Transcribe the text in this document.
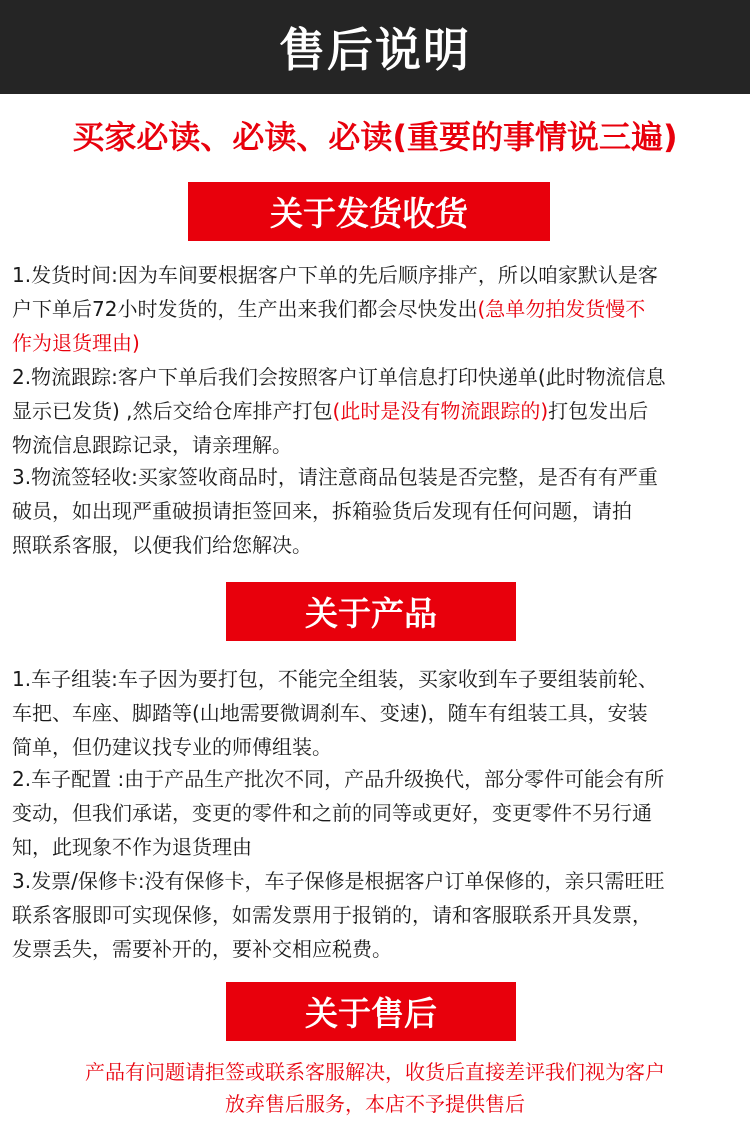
售后说明
买家必读、必读、必读(重要的事情说三遍)
关于发货收货
1.发货时间:因为车间要根据客户下单的先后顺序排产，所以咱家默认是客
户下单后72小时发货的，生产出来我们都会尽快发出(急单勿拍发货慢不
作为退货理由)
2.物流跟踪:客户下单后我们会按照客户订单信息打印快递单(此时物流信息
显示已发货) ,然后交给仓库排产打包(此时是没有物流跟踪的)打包发出后
物流信息跟踪记录，请亲理解。
3.物流签轻收:买家签收商品时，请注意商品包装是否完整，是否有有严重
破员，如出现严重破损请拒签回来，拆箱验货后发现有任何问题，请拍
照联系客服，以便我们给您解决。
关于产品
1.车子组装:车子因为要打包，不能完全组装，买家收到车子要组装前轮、
车把、车座、脚踏等(山地需要微调刹车、变速)，随车有组装工具，安装
简单，但仍建议找专业的师傅组装。
2.车子配置 :由于产品生产批次不同，产品升级换代，部分零件可能会有所
变动，但我们承诺，变更的零件和之前的同等或更好，变更零件不另行通
知，此现象不作为退货理由
3.发票/保修卡:没有保修卡，车子保修是根据客户订单保修的，亲只需旺旺
联系客服即可实现保修，如需发票用于报销的，请和客服联系开具发票，
发票丢失，需要补开的，要补交相应税费。
关于售后
产品有问题请拒签或联系客服解决，收货后直接差评我们视为客户
放弃售后服务，本店不予提供售后
